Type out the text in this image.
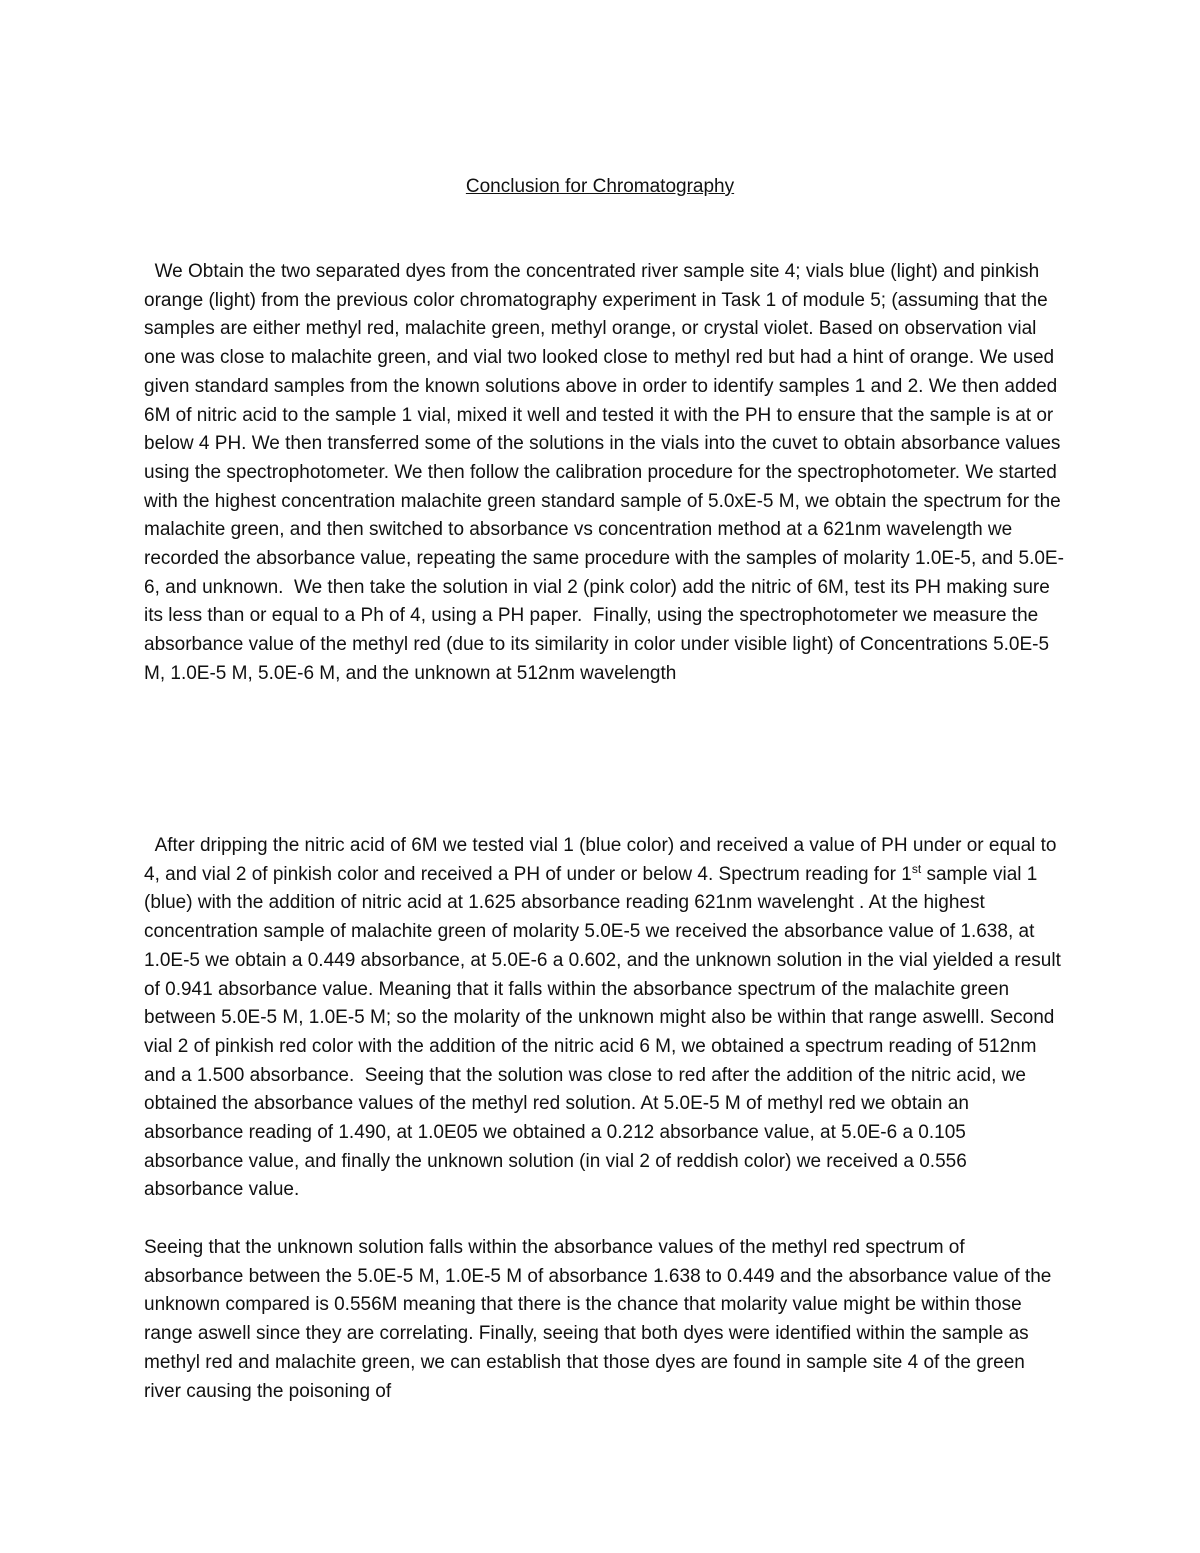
Conclusion for Chromatography

We Obtain the two separated dyes from the concentrated river sample site 4; vials blue (light) and pinkish orange (light) from the previous color chromatography experiment in Task 1 of module 5; (assuming that the samples are either methyl red, malachite green, methyl orange, or crystal violet. Based on observation vial one was close to malachite green, and vial two looked close to methyl red but had a hint of orange. We used given standard samples from the known solutions above in order to identify samples 1 and 2. We then added 6M of nitric acid to the sample 1 vial, mixed it well and tested it with the PH to ensure that the sample is at or below 4 PH. We then transferred some of the solutions in the vials into the cuvet to obtain absorbance values using the spectrophotometer. We then follow the calibration procedure for the spectrophotometer. We started with the highest concentration malachite green standard sample of 5.0xE-5 M, we obtain the spectrum for the malachite green, and then switched to absorbance vs concentration method at a 621nm wavelength we recorded the absorbance value, repeating the same procedure with the samples of molarity 1.0E-5, and 5.0E-6, and unknown.  We then take the solution in vial 2 (pink color) add the nitric of 6M, test its PH making sure its less than or equal to a Ph of 4, using a PH paper.  Finally, using the spectrophotometer we measure the absorbance value of the methyl red (due to its similarity in color under visible light) of Concentrations 5.0E-5 M, 1.0E-5 M, 5.0E-6 M, and the unknown at 512nm wavelength

After dripping the nitric acid of 6M we tested vial 1 (blue color) and received a value of PH under or equal to 4, and vial 2 of pinkish color and received a PH of under or below 4. Spectrum reading for 1st sample vial 1 (blue) with the addition of nitric acid at 1.625 absorbance reading 621nm wavelenght . At the highest concentration sample of malachite green of molarity 5.0E-5 we received the absorbance value of 1.638, at 1.0E-5 we obtain a 0.449 absorbance, at 5.0E-6 a 0.602, and the unknown solution in the vial yielded a result of 0.941 absorbance value. Meaning that it falls within the absorbance spectrum of the malachite green between 5.0E-5 M, 1.0E-5 M; so the molarity of the unknown might also be within that range aswelll. Second vial 2 of pinkish red color with the addition of the nitric acid 6 M, we obtained a spectrum reading of 512nm and a 1.500 absorbance.  Seeing that the solution was close to red after the addition of the nitric acid, we obtained the absorbance values of the methyl red solution. At 5.0E-5 M of methyl red we obtain an absorbance reading of 1.490, at 1.0E05 we obtained a 0.212 absorbance value, at 5.0E-6 a 0.105 absorbance value, and finally the unknown solution (in vial 2 of reddish color) we received a 0.556 absorbance value.

Seeing that the unknown solution falls within the absorbance values of the methyl red spectrum of absorbance between the 5.0E-5 M, 1.0E-5 M of absorbance 1.638 to 0.449 and the absorbance value of the unknown compared is 0.556M meaning that there is the chance that molarity value might be within those range aswell since they are correlating. Finally, seeing that both dyes were identified within the sample as methyl red and malachite green, we can establish that those dyes are found in sample site 4 of the green river causing the poisoning of
